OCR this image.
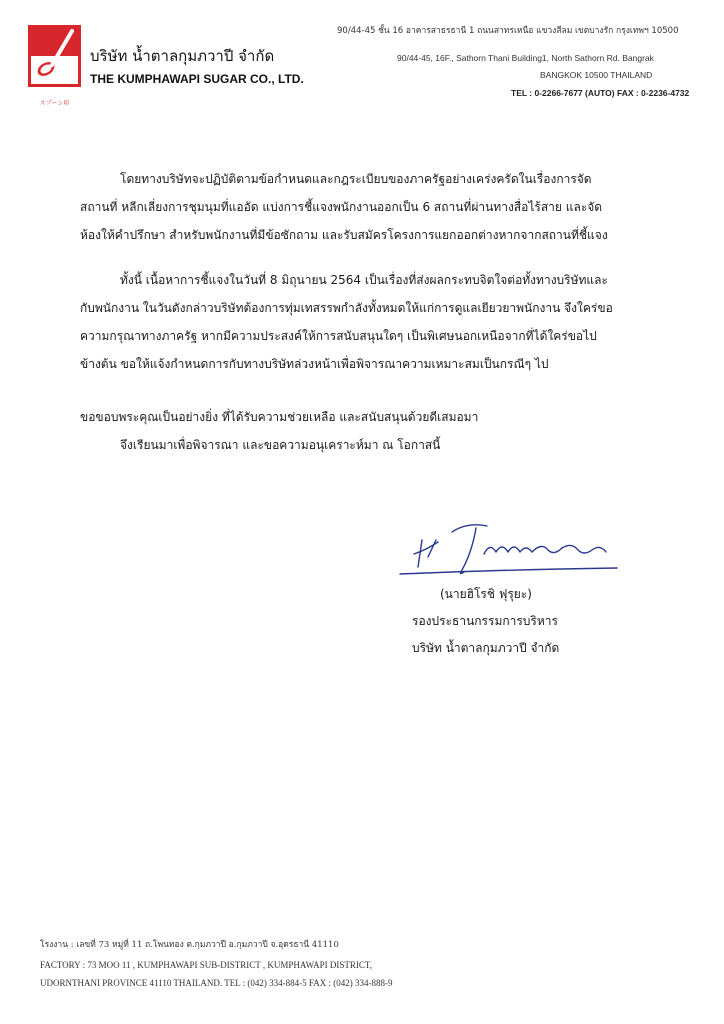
スプーン印
บริษัท น้ำตาลกุมภวาปี จำกัด
THE KUMPHAWAPI SUGAR CO., LTD.
90/44-45 ชั้น 16 อาคารสาธรธานี 1 ถนนสาทรเหนือ แขวงสีลม เขตบางรัก กรุงเทพฯ 10500
90/44-45, 16F., Sathorn Thani Building1, North Sathorn Rd. Bangrak
BANGKOK 10500 THAILAND
TEL : 0-2266-7677 (AUTO) FAX : 0-2236-4732

โดยทางบริษัทจะปฏิบัติตามข้อกำหนดและกฎระเบียบของภาครัฐอย่างเคร่งครัดในเรื่องการจัด

สถานที่ หลีกเลี่ยงการชุมนุมที่แออัด แบ่งการชี้แจงพนักงานออกเป็น 6 สถานที่ผ่านทางสื่อไร้สาย และจัด

ห้องให้คำปรึกษา สำหรับพนักงานที่มีข้อซักถาม และรับสมัครโครงการแยกออกต่างหากจากสถานที่ชี้แจง

ทั้งนี้ เนื้อหาการชี้แจงในวันที่ 8 มิถุนายน 2564 เป็นเรื่องที่ส่งผลกระทบจิตใจต่อทั้งทางบริษัทและ

กับพนักงาน ในวันดังกล่าวบริษัทต้องการทุ่มเทสรรพกำลังทั้งหมดให้แก่การดูแลเยียวยาพนักงาน จึงใคร่ขอ

ความกรุณาทางภาครัฐ หากมีความประสงค์ให้การสนับสนุนใดๆ เป็นพิเศษนอกเหนือจากที่ได้ใคร่ขอไป

ข้างต้น ขอให้แจ้งกำหนดการกับทางบริษัทล่วงหน้าเพื่อพิจารณาความเหมาะสมเป็นกรณีๆ ไป

ขอขอบพระคุณเป็นอย่างยิ่ง ที่ได้รับความช่วยเหลือ และสนับสนุนด้วยดีเสมอมา

จึงเรียนมาเพื่อพิจารณา และขอความอนุเคราะห์มา ณ โอกาสนี้

(นายฮิโรชิ ฟุรุยะ)
รองประธานกรรมการบริหาร
บริษัท น้ำตาลกุมภวาปี จำกัด
โรงงาน : เลขที่ 73 หมู่ที่ 11 ถ.โพนทอง ต.กุมภวาปี อ.กุมภวาปี จ.อุดรธานี 41110
FACTORY : 73 MOO 11 , KUMPHAWAPI SUB-DISTRICT , KUMPHAWAPI DISTRICT,
UDORNTHANI PROVINCE 41110 THAILAND. TEL : (042) 334-884-5 FAX : (042) 334-888-9
